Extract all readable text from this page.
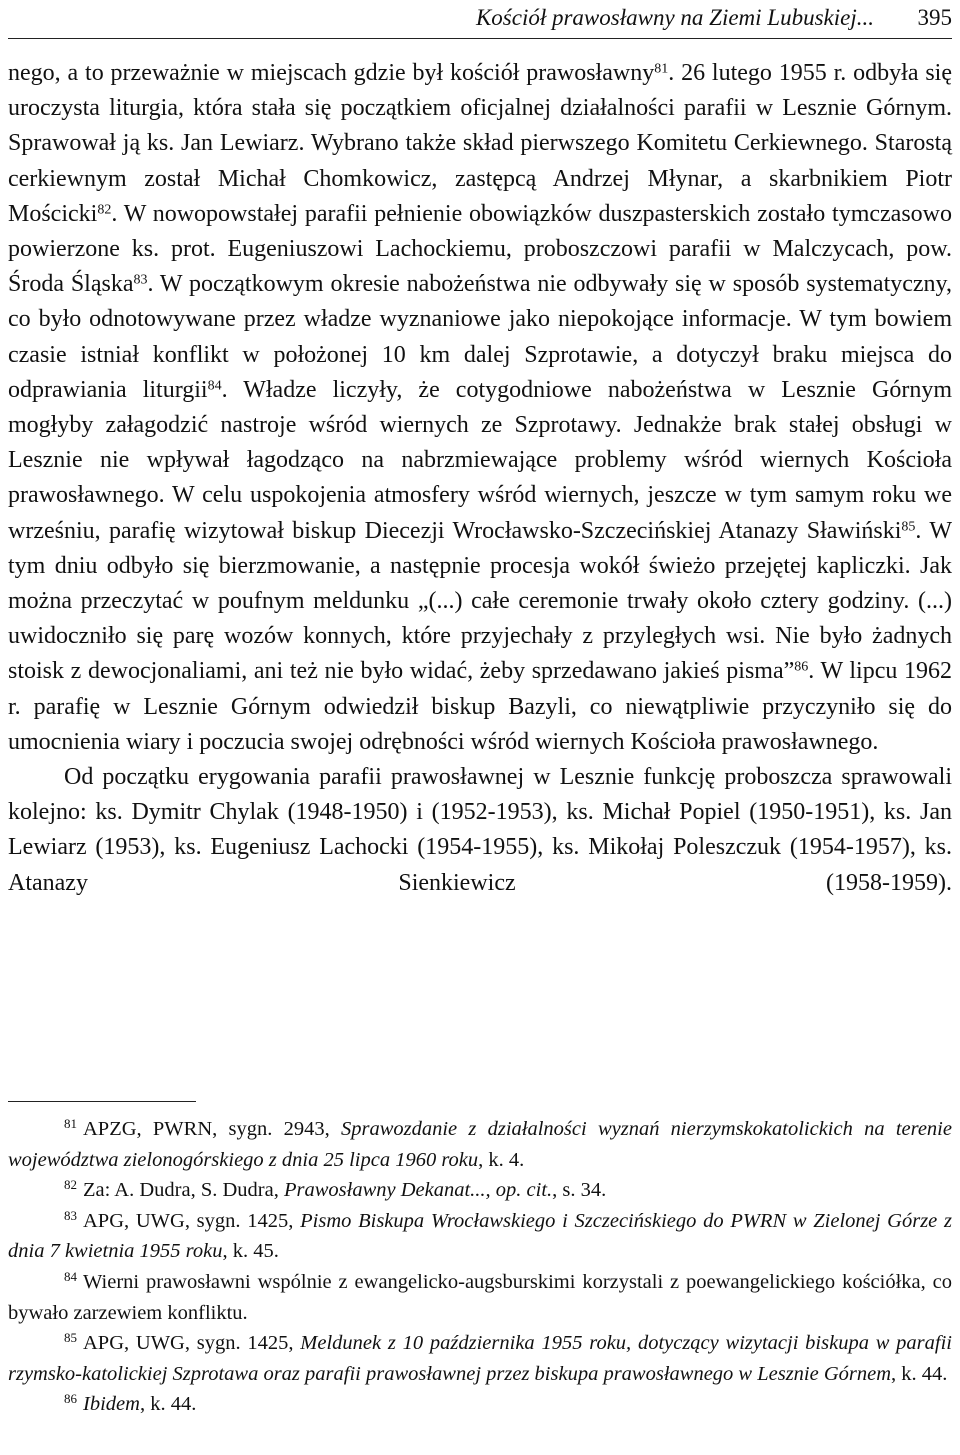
Kościół prawosławny na Ziemi Lubuskiej... 395

nego, a to przeważnie w miejscach gdzie był kościół prawosławny$^{81}$. 26 lutego 1955 r. odbyła się uroczysta liturgia, która stała się początkiem oficjalnej działalności parafii w Lesznie Górnym. Sprawował ją ks. Jan Lewiarz. Wybrano także skład pierwszego Komitetu Cerkiewnego. Starostą cerkiewnym został Michał Chomkowicz, zastępcą Andrzej Młynar, a skarbnikiem Piotr Mościcki$^{82}$. W nowopowstałej parafii pełnienie obowiązków duszpasterskich zostało tymczasowo powierzone ks. prot. Eugeniuszowi Lachockiemu, proboszczowi parafii w Malczycach, pow. Środa Śląska$^{83}$. W początkowym okresie nabożeństwa nie odbywały się w sposób systematyczny, co było odnotowywane przez władze wyznaniowe jako niepokojące informacje. W tym bowiem czasie istniał konflikt w położonej 10 km dalej Szprotawie, a dotyczył braku miejsca do odprawiania liturgii$^{84}$. Władze liczyły, że cotygodniowe nabożeństwa w Lesznie Górnym mogłyby załagodzić nastroje wśród wiernych ze Szprotawy. Jednakże brak stałej obsługi w Lesznie nie wpływał łagodząco na nabrzmiewające problemy wśród wiernych Kościoła prawosławnego. W celu uspokojenia atmosfery wśród wiernych, jeszcze w tym samym roku we wrześniu, parafię wizytował biskup Diecezji Wrocławsko-Szczecińskiej Atanazy Sławiński$^{85}$. W tym dniu odbyło się bierzmowanie, a następnie procesja wokół świeżo przejętej kapliczki. Jak można przeczytać w poufnym meldunku „(...) całe ceremonie trwały około cztery godziny. (...) uwidoczniło się parę wozów konnych, które przyjechały z przyległych wsi. Nie było żadnych stoisk z dewocjonaliami, ani też nie było widać, żeby sprzedawano jakieś pisma”$^{86}$. W lipcu 1962 r. parafię w Lesznie Górnym odwiedził biskup Bazyli, co niewątpliwie przyczyniło się do umocnienia wiary i poczucia swojej odrębności wśród wiernych Kościoła prawosławnego.

Od początku erygowania parafii prawosławnej w Lesznie funkcję proboszcza sprawowali kolejno: ks. Dymitr Chylak (1948-1950) i (1952-1953), ks. Michał Popiel (1950-1951), ks. Jan Lewiarz (1953), ks. Eugeniusz Lachocki (1954-1955), ks. Mikołaj Poleszczuk (1954-1957), ks. Atanazy Sienkiewicz (1958-1959).

$^{81}$ APZG, PWRN, sygn. 2943, Sprawozdanie z działalności wyznań nierzymskokatolickich na terenie województwa zielonogórskiego z dnia 25 lipca 1960 roku, k. 4.

$^{82}$ Za: A. Dudra, S. Dudra, Prawosławny Dekanat..., op. cit., s. 34.

$^{83}$ APG, UWG, sygn. 1425, Pismo Biskupa Wrocławskiego i Szczecińskiego do PWRN w Zielonej Górze z dnia 7 kwietnia 1955 roku, k. 45.

$^{84}$ Wierni prawosławni wspólnie z ewangelicko-augsburskimi korzystali z poewangelickiego kościółka, co bywało zarzewiem konfliktu.

$^{85}$ APG, UWG, sygn. 1425, Meldunek z 10 października 1955 roku, dotyczący wizytacji biskupa w parafii rzymsko-katolickiej Szprotawa oraz parafii prawosławnej przez biskupa prawosławnego w Lesznie Górnem, k. 44.

$^{86}$ Ibidem, k. 44.
